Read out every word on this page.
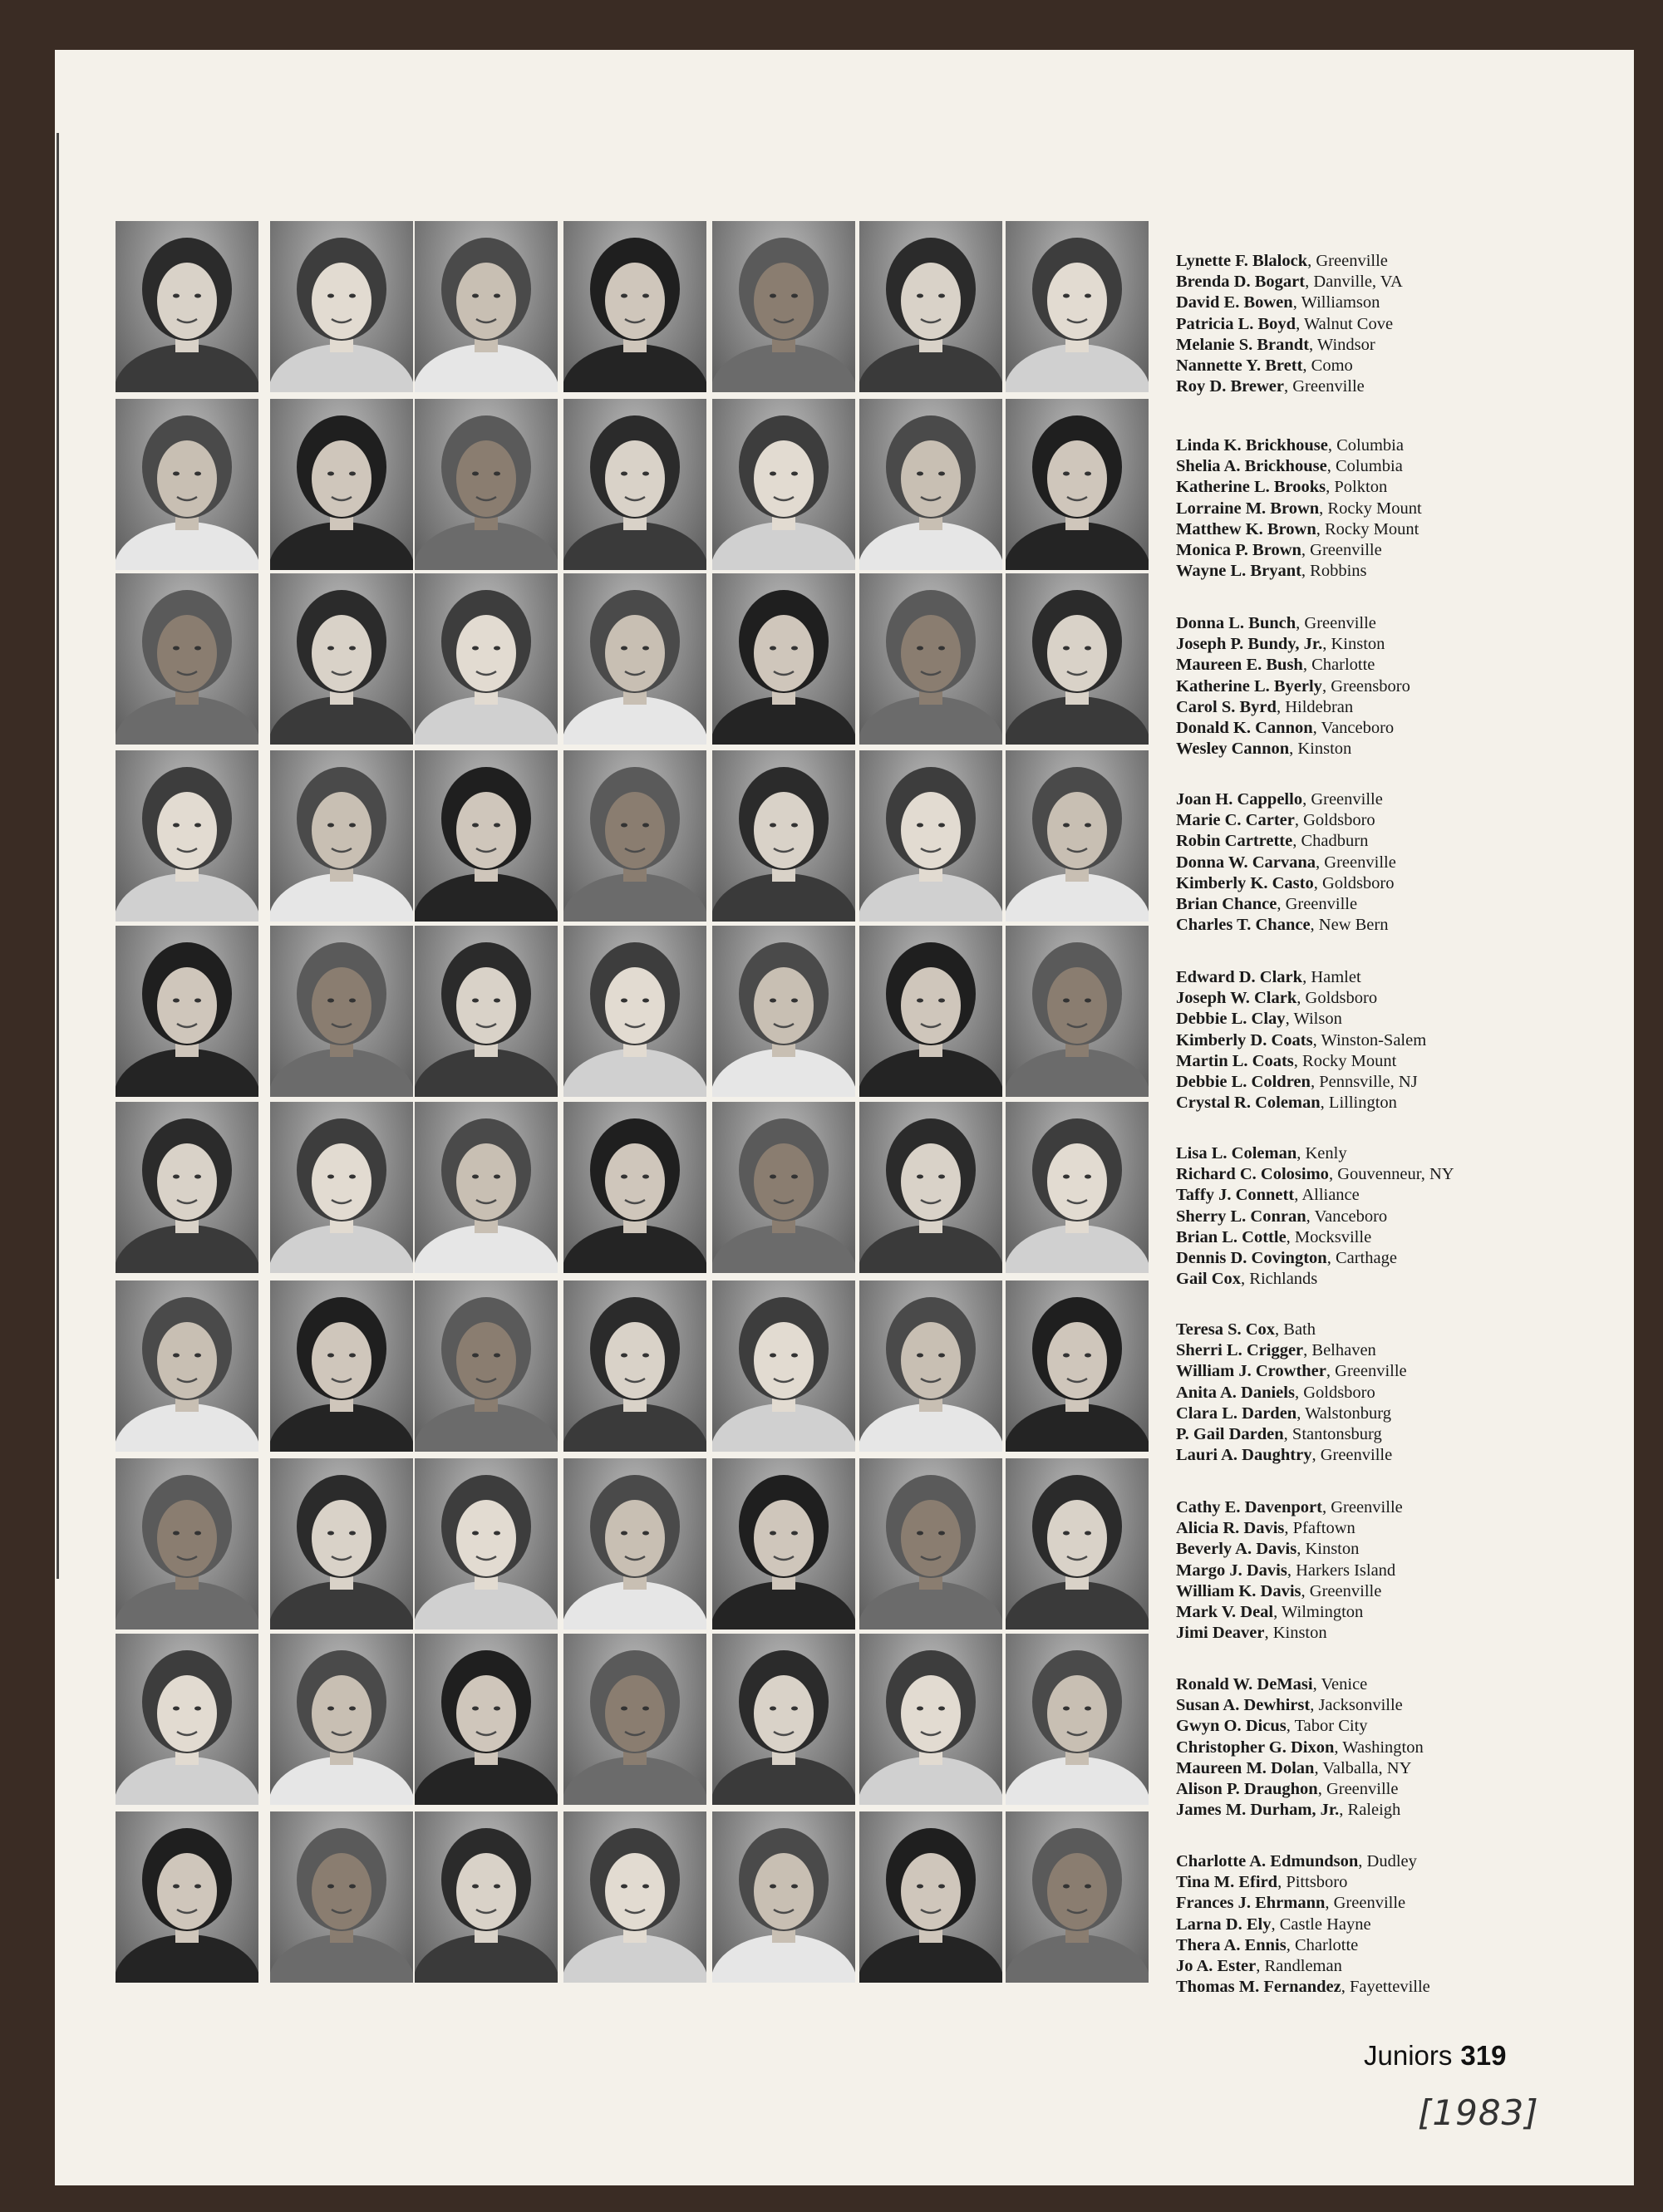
Juniors 319
[1983]
Lynette F. Blalock, Greenville
Brenda D. Bogart, Danville, VA
David E. Bowen, Williamson
Patricia L. Boyd, Walnut Cove
Melanie S. Brandt, Windsor
Nannette Y. Brett, Como
Roy D. Brewer, Greenville
Linda K. Brickhouse, Columbia
Shelia A. Brickhouse, Columbia
Katherine L. Brooks, Polkton
Lorraine M. Brown, Rocky Mount
Matthew K. Brown, Rocky Mount
Monica P. Brown, Greenville
Wayne L. Bryant, Robbins
Donna L. Bunch, Greenville
Joseph P. Bundy, Jr., Kinston
Maureen E. Bush, Charlotte
Katherine L. Byerly, Greensboro
Carol S. Byrd, Hildebran
Donald K. Cannon, Vanceboro
Wesley Cannon, Kinston
Joan H. Cappello, Greenville
Marie C. Carter, Goldsboro
Robin Cartrette, Chadburn
Donna W. Carvana, Greenville
Kimberly K. Casto, Goldsboro
Brian Chance, Greenville
Charles T. Chance, New Bern
Edward D. Clark, Hamlet
Joseph W. Clark, Goldsboro
Debbie L. Clay, Wilson
Kimberly D. Coats, Winston-Salem
Martin L. Coats, Rocky Mount
Debbie L. Coldren, Pennsville, NJ
Crystal R. Coleman, Lillington
Lisa L. Coleman, Kenly
Richard C. Colosimo, Gouvenneur, NY
Taffy J. Connett, Alliance
Sherry L. Conran, Vanceboro
Brian L. Cottle, Mocksville
Dennis D. Covington, Carthage
Gail Cox, Richlands
Teresa S. Cox, Bath
Sherri L. Crigger, Belhaven
William J. Crowther, Greenville
Anita A. Daniels, Goldsboro
Clara L. Darden, Walstonburg
P. Gail Darden, Stantonsburg
Lauri A. Daughtry, Greenville
Cathy E. Davenport, Greenville
Alicia R. Davis, Pfaftown
Beverly A. Davis, Kinston
Margo J. Davis, Harkers Island
William K. Davis, Greenville
Mark V. Deal, Wilmington
Jimi Deaver, Kinston
Ronald W. DeMasi, Venice
Susan A. Dewhirst, Jacksonville
Gwyn O. Dicus, Tabor City
Christopher G. Dixon, Washington
Maureen M. Dolan, Valballa, NY
Alison P. Draughon, Greenville
James M. Durham, Jr., Raleigh
Charlotte A. Edmundson, Dudley
Tina M. Efird, Pittsboro
Frances J. Ehrmann, Greenville
Larna D. Ely, Castle Hayne
Thera A. Ennis, Charlotte
Jo A. Ester, Randleman
Thomas M. Fernandez, Fayetteville
